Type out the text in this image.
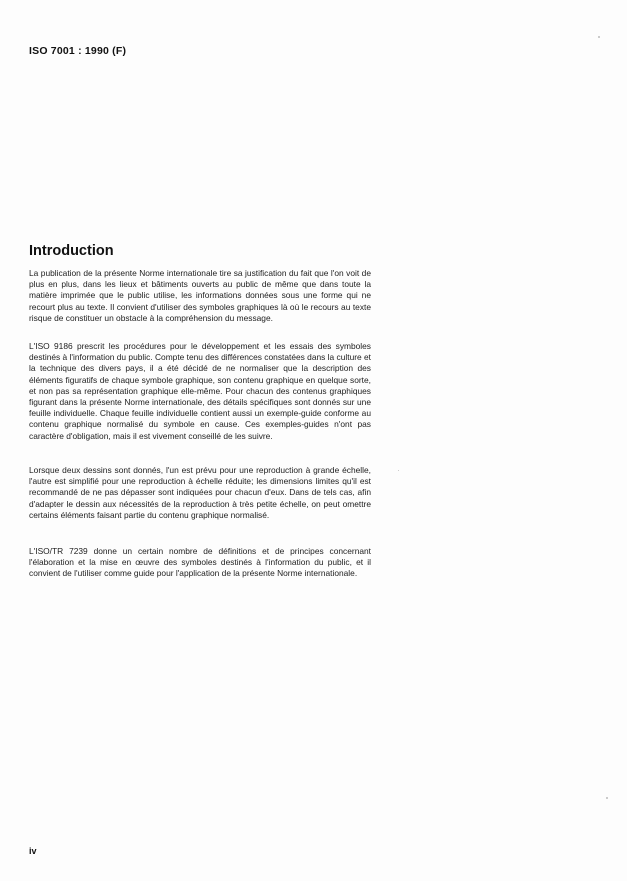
ISO 7001 : 1990 (F)
Introduction

La publication de la présente Norme internationale tire sa justification du fait que l'on voit de plus en plus, dans les lieux et bâtiments ouverts au public de même que dans toute la matière imprimée que le public utilise, les informations données sous une forme qui ne recourt plus au texte. Il convient d'utiliser des symboles graphiques là où le recours au texte risque de constituer un obstacle à la compréhension du message.

L'ISO 9186 prescrit les procédures pour le développement et les essais des symboles destinés à l'information du public. Compte tenu des différences constatées dans la culture et la technique des divers pays, il a été décidé de ne normaliser que la description des éléments figuratifs de chaque symbole graphique, son contenu graphique en quelque sorte, et non pas sa représentation graphique elle-même. Pour chacun des contenus graphiques figurant dans la présente Norme internationale, des détails spécifiques sont donnés sur une feuille individuelle. Chaque feuille individuelle contient aussi un exemple-guide conforme au contenu graphique normalisé du symbole en cause. Ces exemples-guides n'ont pas caractère d'obligation, mais il est vivement conseillé de les suivre.

Lorsque deux dessins sont donnés, l'un est prévu pour une reproduction à grande échelle, l'autre est simplifié pour une reproduction à échelle réduite; les dimensions limites qu'il est recommandé de ne pas dépasser sont indiquées pour chacun d'eux. Dans de tels cas, afin d'adapter le dessin aux nécessités de la reproduction à très petite échelle, on peut omettre certains éléments faisant partie du contenu graphique normalisé.

L'ISO/TR 7239 donne un certain nombre de définitions et de principes concernant l'élaboration et la mise en œuvre des symboles destinés à l'information du public, et il convient de l'utiliser comme guide pour l'application de la présente Norme internationale.

iv
